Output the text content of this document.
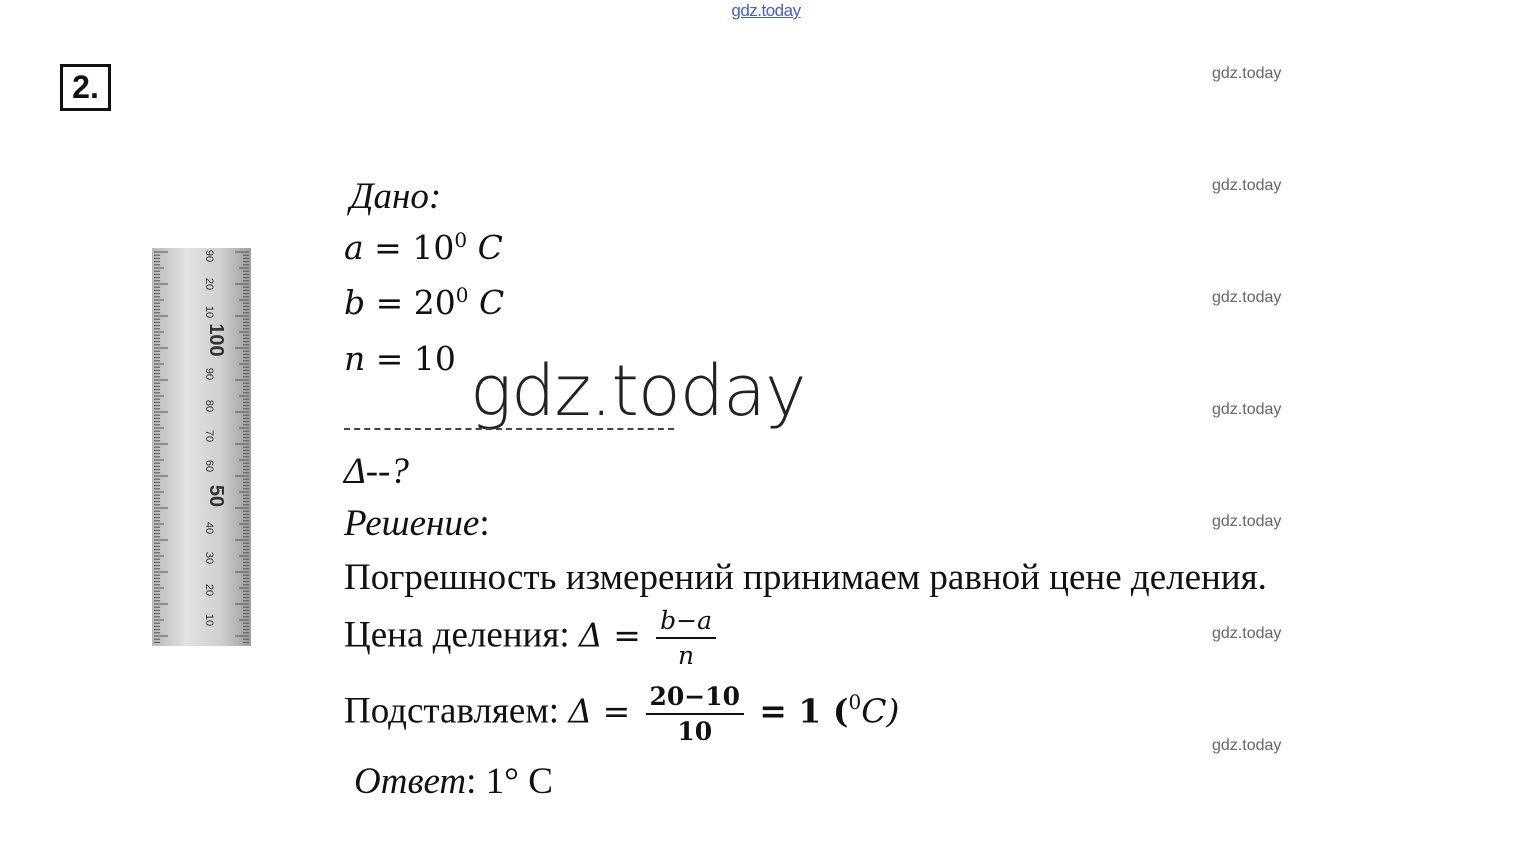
gdz.today
gdz.today
gdz.today
gdz.today
gdz.today
gdz.today
gdz.today
gdz.today
2.
90
20
10
100
90
80
70
60
50
40
30
20
10
Дано:
$a = 10^0$ C
$b = 20^0$ C
n = 10 gdz.today
Δ--?
Решение:
Погрешность измерений принимаем равной цене деления.
Цена деления: $\Delta = \frac{b-a}{n}$
Подставляем: $\Delta = \frac{20-10}{10} = 1$ ($^0$C)
Ответ: 1° С
